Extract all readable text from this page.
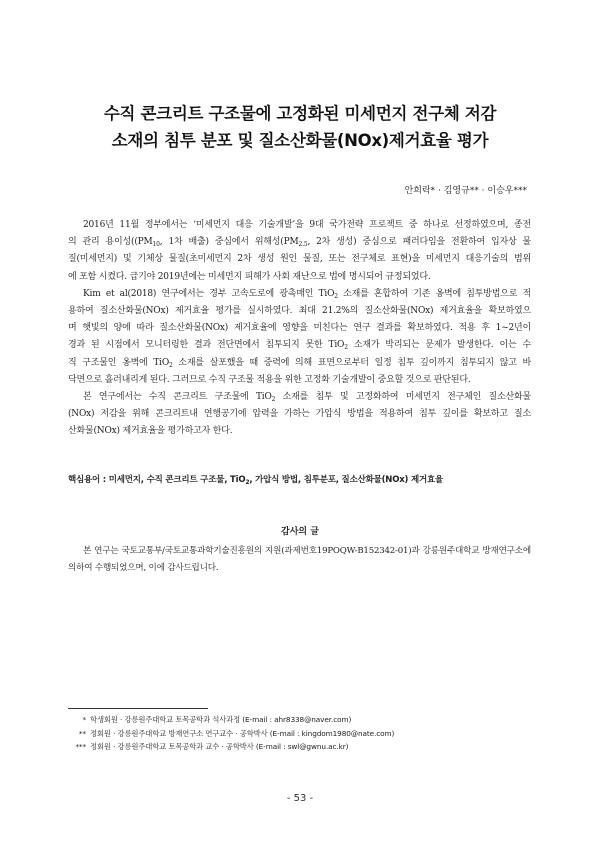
수직 콘크리트 구조물에 고정화된 미세먼지 전구체 저감
소재의 침투 분포 및 질소산화물(NOx)제거효율 평가
안희락* · 김영규** · 이승우***
2016년 11월 정부에서는 ‘미세먼지 대응 기술개발’을 9대 국가전략 프로젝트 중 하나로 선정하였으며, 종전
의 관리 용이성(($PM_{10}$, 1차 배출) 중심에서 위해성($PM_{2.5}$, 2차 생성) 중심으로 패러다임을 전환하여 입자상 물
질(미세먼지) 및 기체상 물질(초미세먼지 2차 생성 원인 물질, 또는 전구체로 표현)을 미세먼지 대응기술의 범위
에 포함 시켰다. 급기야 2019년에는 미세먼지 피해가 사회 재난으로 법에 명시되어 규정되었다.
Kim et al(2018) 연구에서는 경부 고속도로에 광촉매인 TiO$_2$ 소재를 혼합하여 기존 옹벽에 침투방법으로 적
용하여 질소산화물(NOx) 제거효율 평가를 실시하였다. 최대 21.2%의 질소산화물(NOx) 제거효율을 확보하였으
며 햇빛의 양에 따라 질소산화물(NOx) 제거효율에 영향을 미친다는 연구 결과를 확보하였다. 적용 후 1~2년이
경과 된 시점에서 모니터링한 결과 전단면에서 침투되지 못한 TiO$_2$ 소재가 박리되는 문제가 발생한다. 이는 수
직 구조물인 옹벽에 TiO$_2$ 소재를 살포했을 때 중력에 의해 표면으로부터 일정 침투 깊이까지 침투되지 않고 바
닥면으로 흘러내리게 된다. 그러므로 수직 구조물 적용을 위한 고정화 기술개발이 중요할 것으로 판단된다.
본 연구에서는 수직 콘크리트 구조물에 TiO$_2$ 소재를 침투 및 고정화하여 미세먼지 전구체인 질소산화물
(NOx) 저감을 위해 콘크리트내 연행공기에 압력을 가하는 가압식 방법을 적용하여 침투 깊이를 확보하고 질소
산화물(NOx) 제거효율을 평가하고자 한다.
핵심용어 : 미세먼지, 수직 콘크리트 구조물, TiO$_2$, 가압식 방법, 침투분포, 질소산화물(NOx) 제거효율
감사의 글
본 연구는 국토교통부/국토교통과학기술진흥원의 지원(과제번호19POQW-B152342-01)과 강릉원주대학교 방재연구소에
의하여 수행되었으며, 이에 감사드립니다.
* 학생회원 · 강릉원주대학교 토목공학과 석사과정 (E-mail : ahr8338@naver.com)
** 정회원 · 강릉원주대학교 방재연구소 연구교수 · 공학박사 (E-mail : kingdom1980@nate.com)
*** 정회원 · 강릉원주대학교 토목공학과 교수 · 공학박사 (E-mail : swl@gwnu.ac.kr)
- 53 -
